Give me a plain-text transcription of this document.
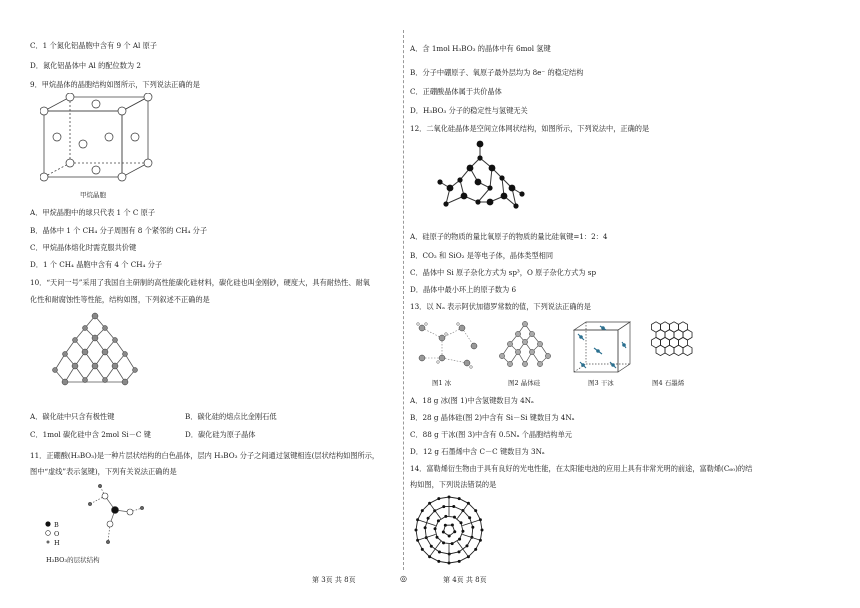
C．1 个氮化铝晶胞中含有 9 个 Al 原子
D．氮化铝晶体中 Al 的配位数为 2
9．甲烷晶体的晶胞结构如图所示，下列说法正确的是
甲烷晶胞
A．甲烷晶胞中的球只代表 1 个 C 原子
B．晶体中 1 个 CH₄ 分子周围有 8 个紧邻的 CH₄ 分子
C．甲烷晶体熔化时需克服共价键
D．1 个 CH₄ 晶胞中含有 4 个 CH₄ 分子
10．“天问一号”采用了我国自主研制的高性能碳化硅材料，碳化硅也叫金刚砂，硬度大，具有耐热性、耐氧
化性和耐腐蚀性等性能，结构如图，下列叙述不正确的是
A．碳化硅中只含有极性键	B．碳化硅的熔点比金刚石低
C．1mol 碳化硅中含 2mol Si－C 键	D．碳化硅为原子晶体
11．正硼酸(H₃BO₃)是一种片层状结构的白色晶体，层内 H₃BO₃ 分子之间通过氢键相连(层状结构如图所示，
图中“虚线”表示氢键)，下列有关说法正确的是
B
O
H
H₃BO₃的层状结构
A．含 1mol H₃BO₃ 的晶体中有 6mol 氢键
B．分子中硼原子、氧原子最外层均为 8e⁻ 的稳定结构
C．正硼酸晶体属于共价晶体
D．H₃BO₃ 分子的稳定性与氢键无关
12．二氧化硅晶体是空间立体网状结构，如图所示，下列说法中，正确的是
A．硅原子的物质的量比氧原子的物质的量比硅氧键=1：2：4
B．CO₂ 和 SiO₂ 是等电子体，晶体类型相同
C．晶体中 Si 原子杂化方式为 sp³，O 原子杂化方式为 sp
D．晶体中最小环上的原子数为 6
13．以 Nₐ 表示阿伏加德罗常数的值，下列说法正确的是
图1 冰	图2 晶体硅	图3 干冰	图4 石墨烯
A．18 g 冰(图 1)中含氢键数目为 4Nₐ
B．28 g 晶体硅(图 2)中含有 Si－Si 键数目为 4Nₐ
C．88 g 干冰(图 3)中含有 0.5Nₐ 个晶胞结构单元
D．12 g 石墨烯中含 C－C 键数目为 3Nₐ
14．富勒烯衍生物由于具有良好的光电性能，在太阳能电池的应用上具有非常光明的前途，富勒烯(C₆₀)的结
构如图，下列说法错误的是
第 3页 共 8页	◎	第 4页 共 8页
